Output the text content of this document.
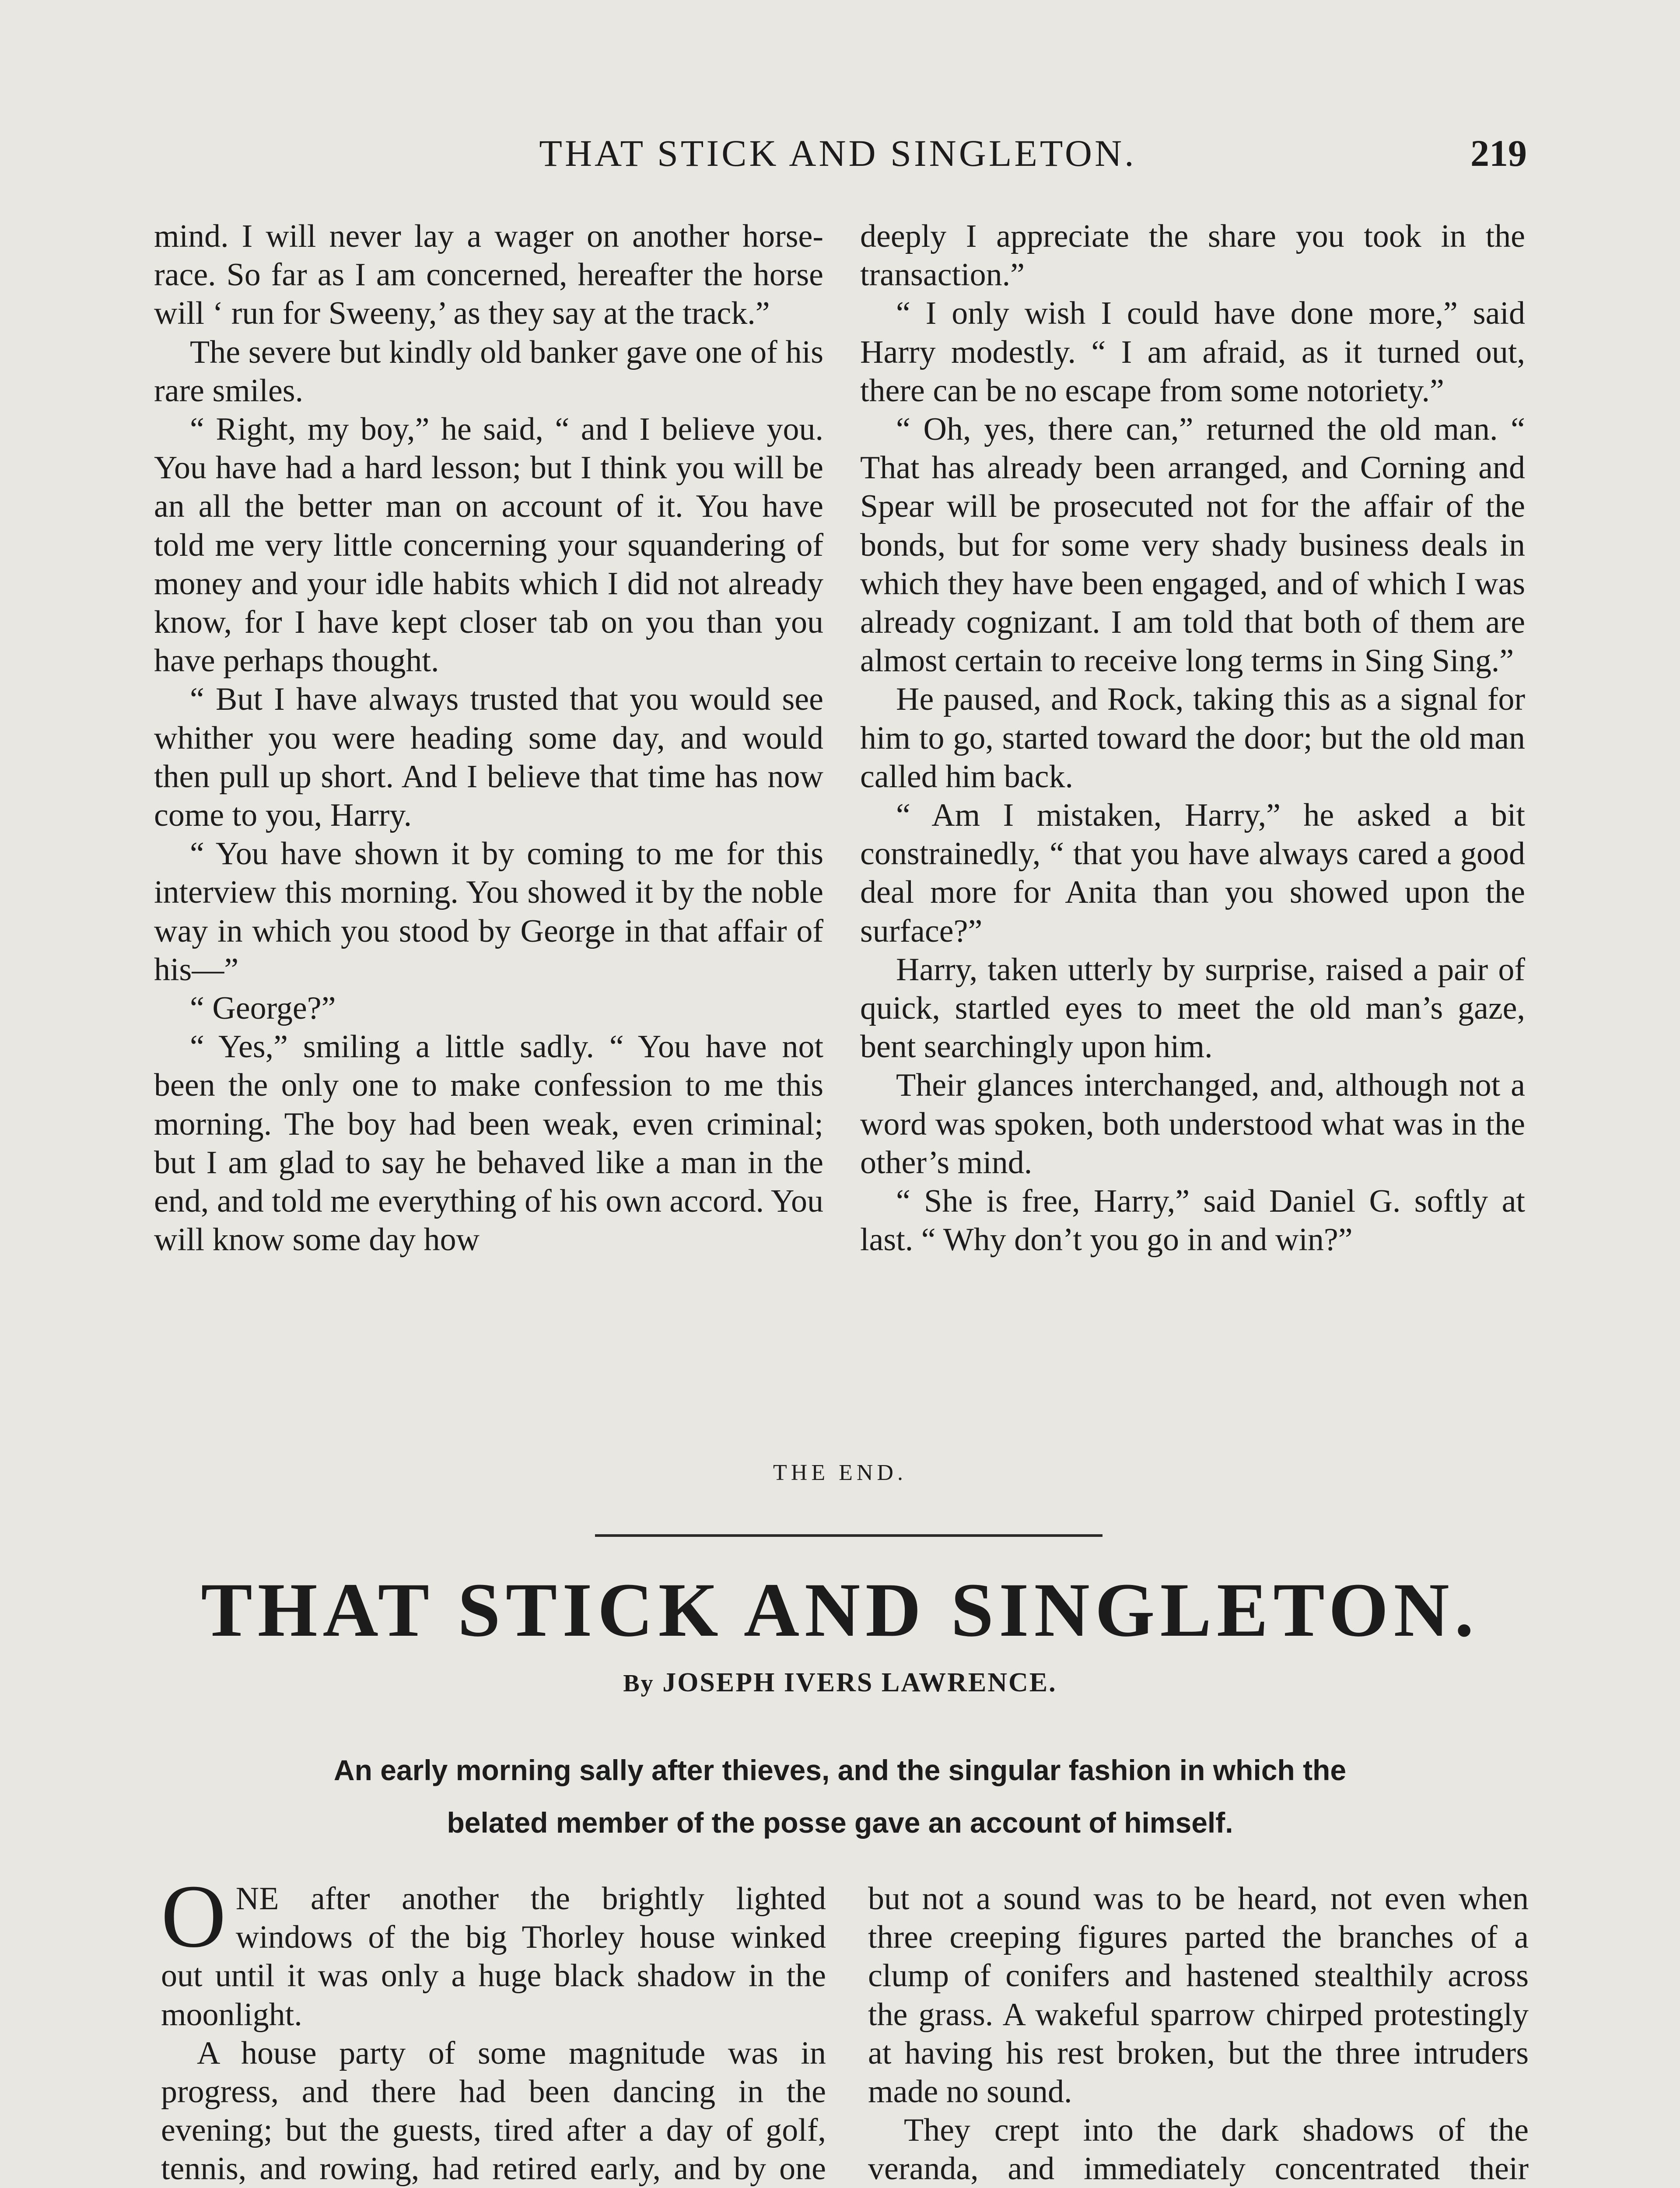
THAT STICK AND SINGLETON.	219

mind. I will never lay a wager on another horse-race. So far as I am concerned, hereafter the horse will ‘ run for Sweeny,’ as they say at the track.”

The severe but kindly old banker gave one of his rare smiles.

“ Right, my boy,” he said, “ and I believe you. You have had a hard lesson; but I think you will be an all the better man on account of it. You have told me very little concerning your squandering of money and your idle habits which I did not already know, for I have kept closer tab on you than you have perhaps thought.

“ But I have always trusted that you would see whither you were heading some day, and would then pull up short. And I believe that time has now come to you, Harry.

“ You have shown it by coming to me for this interview this morning. You showed it by the noble way in which you stood by George in that affair of his—”

“ George?”

“ Yes,” smiling a little sadly. “ You have not been the only one to make confession to me this morning. The boy had been weak, even criminal; but I am glad to say he behaved like a man in the end, and told me everything of his own accord. You will know some day how

deeply I appreciate the share you took in the transaction.”

“ I only wish I could have done more,” said Harry modestly. “ I am afraid, as it turned out, there can be no escape from some notoriety.”

“ Oh, yes, there can,” returned the old man. “ That has already been arranged, and Corning and Spear will be prosecuted not for the affair of the bonds, but for some very shady business deals in which they have been engaged, and of which I was already cognizant. I am told that both of them are almost certain to receive long terms in Sing Sing.”

He paused, and Rock, taking this as a signal for him to go, started toward the door; but the old man called him back.

“ Am I mistaken, Harry,” he asked a bit constrainedly, “ that you have always cared a good deal more for Anita than you showed upon the surface?”

Harry, taken utterly by surprise, raised a pair of quick, startled eyes to meet the old man’s gaze, bent searchingly upon him.

Their glances interchanged, and, although not a word was spoken, both understood what was in the other’s mind.

“ She is free, Harry,” said Daniel G. softly at last. “ Why don’t you go in and win?”

THE END.
THAT STICK AND SINGLETON.
By JOSEPH IVERS LAWRENCE.
An early morning sally after thieves, and the singular fashion in which the belated member of the posse gave an account of himself.

ONE after another the brightly lighted windows of the big Thorley house winked out until it was only a huge black shadow in the moonlight.

A house party of some magnitude was in progress, and there had been dancing in the evening; but the guests, tired after a day of golf, tennis, and rowing, had retired early, and by one

but not a sound was to be heard, not even when three creeping figures parted the branches of a clump of conifers and hastened stealthily across the grass. A wakeful sparrow chirped protestingly at having his rest broken, but the three intruders made no sound.

They crept into the dark shadows of the veranda, and immediately concentrated their
